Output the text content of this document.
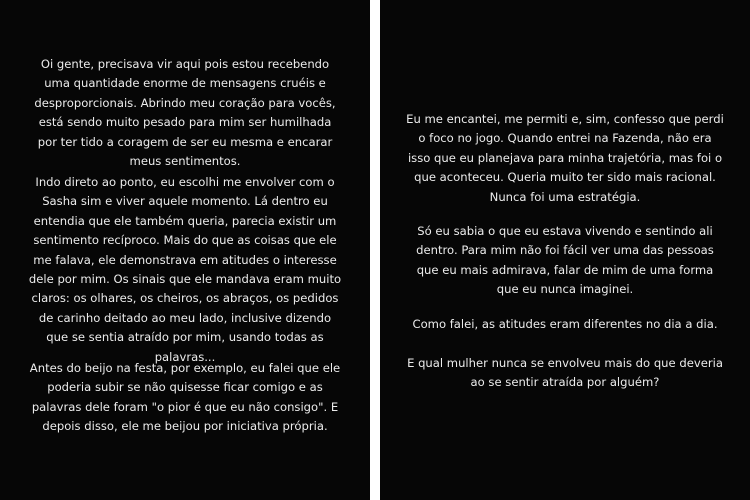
Oi gente, precisava vir aqui pois estou recebendo
uma quantidade enorme de mensagens cruéis e
desproporcionais. Abrindo meu coração para vocês,
está sendo muito pesado para mim ser humilhada
por ter tido a coragem de ser eu mesma e encarar
meus sentimentos.

Indo direto ao ponto, eu escolhi me envolver com o
Sasha sim e viver aquele momento. Lá dentro eu
entendia que ele também queria, parecia existir um
sentimento recíproco. Mais do que as coisas que ele
me falava, ele demonstrava em atitudes o interesse
dele por mim. Os sinais que ele mandava eram muito
claros: os olhares, os cheiros, os abraços, os pedidos
de carinho deitado ao meu lado, inclusive dizendo
que se sentia atraído por mim, usando todas as
palavras...

Antes do beijo na festa, por exemplo, eu falei que ele
poderia subir se não quisesse ficar comigo e as
palavras dele foram "o pior é que eu não consigo". E
depois disso, ele me beijou por iniciativa própria.

Eu me encantei, me permiti e, sim, confesso que perdi
o foco no jogo. Quando entrei na Fazenda, não era
isso que eu planejava para minha trajetória, mas foi o
que aconteceu. Queria muito ter sido mais racional.
Nunca foi uma estratégia.

Só eu sabia o que eu estava vivendo e sentindo ali
dentro. Para mim não foi fácil ver uma das pessoas
que eu mais admirava, falar de mim de uma forma
que eu nunca imaginei.

Como falei, as atitudes eram diferentes no dia a dia.

E qual mulher nunca se envolveu mais do que deveria
ao se sentir atraída por alguém?
